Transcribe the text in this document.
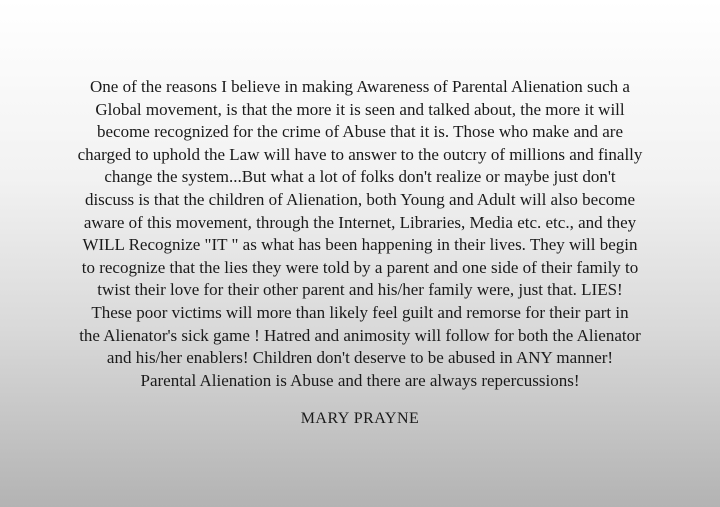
One of the reasons I believe in making Awareness of Parental Alienation such a
Global movement, is that the more it is seen and talked about, the more it will
become recognized for the crime of Abuse that it is. Those who make and are
charged to uphold the Law will have to answer to the outcry of millions and finally
change the system...But what a lot of folks don't realize or maybe just don't
discuss is that the children of Alienation, both Young and Adult will also become
aware of this movement, through the Internet, Libraries, Media etc. etc., and they
WILL Recognize "IT " as what has been happening in their lives. They will begin
to recognize that the lies they were told by a parent and one side of their family to
twist their love for their other parent and his/her family were, just that. LIES!
These poor victims will more than likely feel guilt and remorse for their part in
the Alienator's sick game ! Hatred and animosity will follow for both the Alienator
and his/her enablers! Children don't deserve to be abused in ANY manner!
Parental Alienation is Abuse and there are always repercussions!
MARY PRAYNE
